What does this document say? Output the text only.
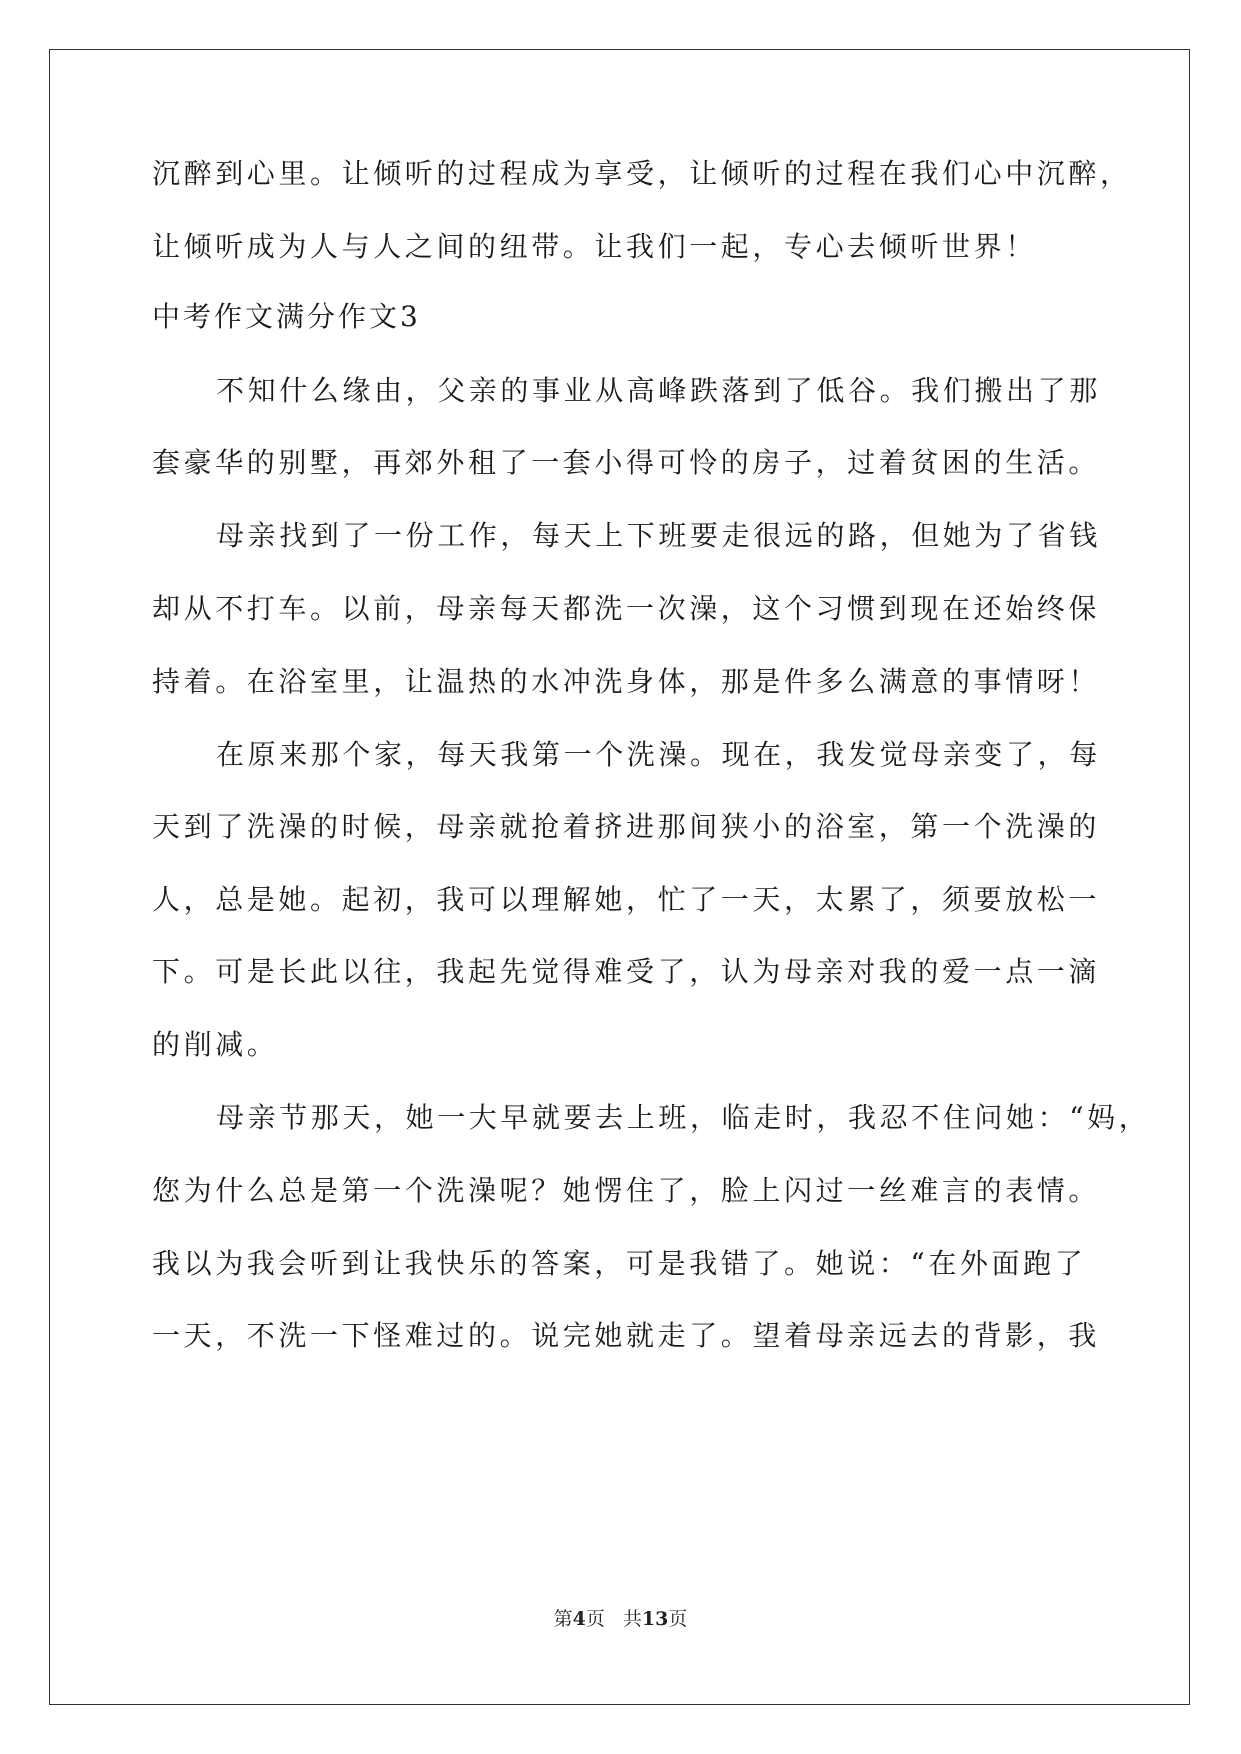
沉醉到心里。让倾听的过程成为享受，让倾听的过程在我们心中沉醉，
让倾听成为人与人之间的纽带。让我们一起，专心去倾听世界！
中考作文满分作文3
不知什么缘由，父亲的事业从高峰跌落到了低谷。我们搬出了那
套豪华的别墅，再郊外租了一套小得可怜的房子，过着贫困的生活。
母亲找到了一份工作，每天上下班要走很远的路，但她为了省钱
却从不打车。以前，母亲每天都洗一次澡，这个习惯到现在还始终保
持着。在浴室里，让温热的水冲洗身体，那是件多么满意的事情呀！
在原来那个家，每天我第一个洗澡。现在，我发觉母亲变了，每
天到了洗澡的时候，母亲就抢着挤进那间狭小的浴室，第一个洗澡的
人，总是她。起初，我可以理解她，忙了一天，太累了，须要放松一
下。可是长此以往，我起先觉得难受了，认为母亲对我的爱一点一滴
的削减。
母亲节那天，她一大早就要去上班，临走时，我忍不住问她：“妈，
您为什么总是第一个洗澡呢？她愣住了，脸上闪过一丝难言的表情。
我以为我会听到让我快乐的答案，可是我错了。她说：“在外面跑了
一天，不洗一下怪难过的。说完她就走了。望着母亲远去的背影，我
第4页 共13页
